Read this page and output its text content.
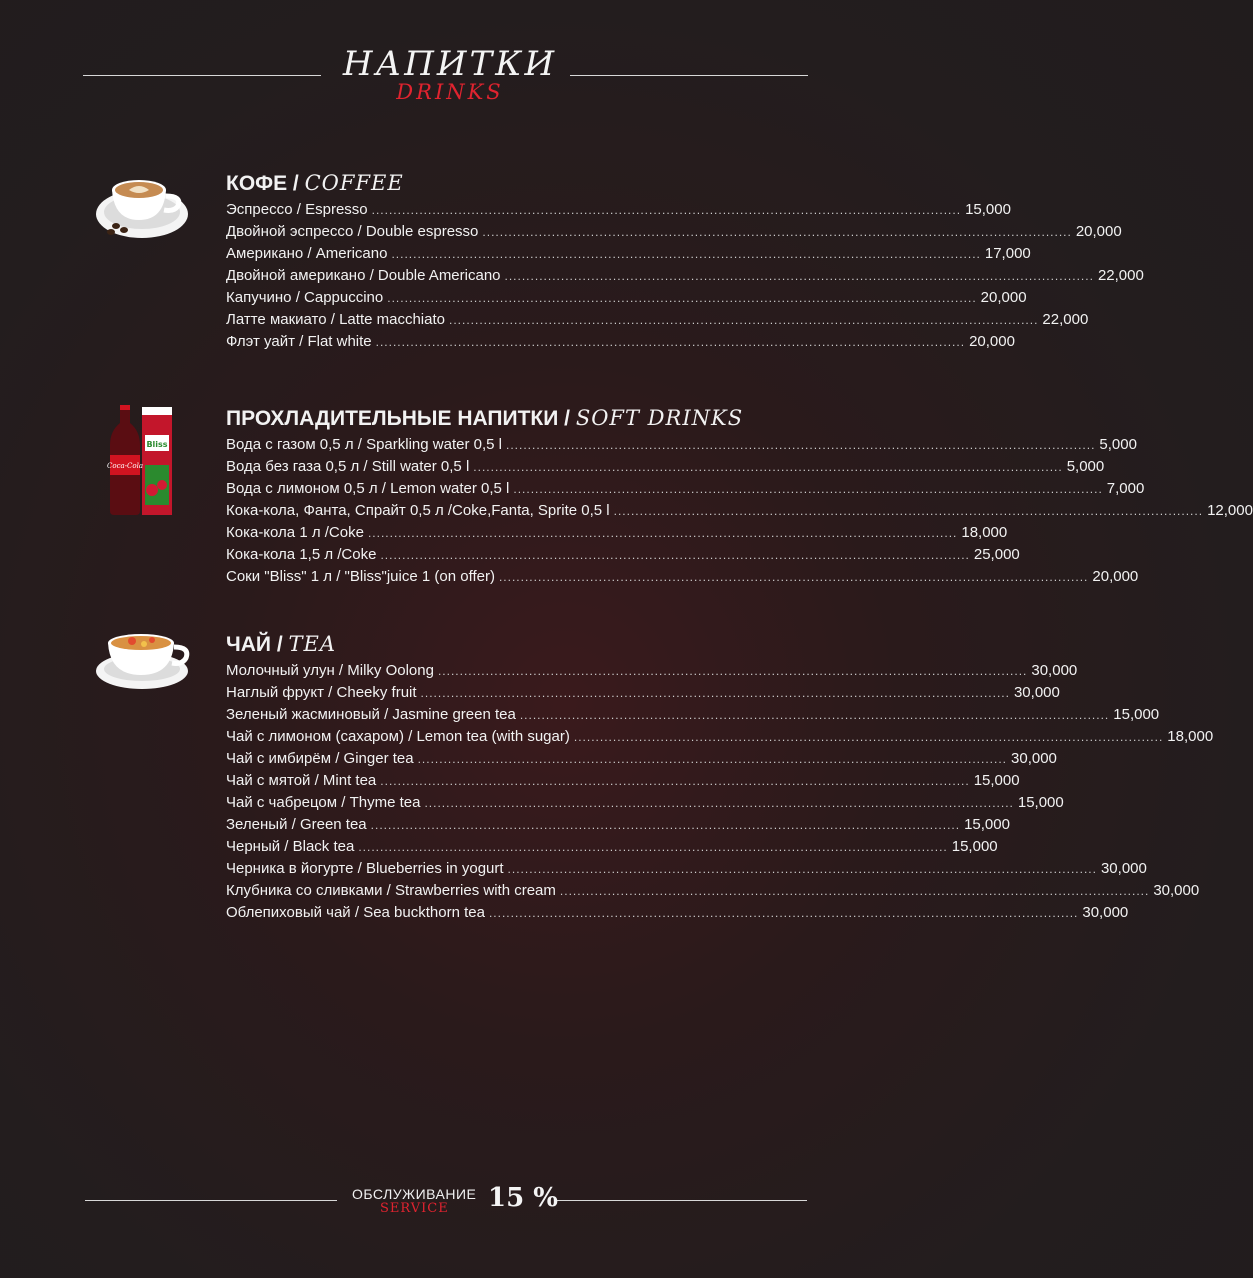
НАПИТКИ
DRINKS
Bliss
Coca-Cola
КОФЕ / COFFEE
Эспрессо / Espresso ........................................................................................................................................ 15,000
Двойной эспрессо / Double espresso ........................................................................................................................................ 20,000
Американо / Americano ........................................................................................................................................ 17,000
Двойной американо / Double Americano ........................................................................................................................................ 22,000
Капучино / Cappuccino ........................................................................................................................................ 20,000
Латте макиато / Latte macchiato ........................................................................................................................................ 22,000
Флэт уайт / Flat white ........................................................................................................................................ 20,000
ПРОХЛАДИТЕЛЬНЫЕ НАПИТКИ / SOFT DRINKS
Вода с газом 0,5 л / Sparkling water 0,5 l ........................................................................................................................................ 5,000
Вода без газа 0,5 л / Still water 0,5 l ........................................................................................................................................ 5,000
Вода с лимоном 0,5 л / Lemon water 0,5 l ........................................................................................................................................ 7,000
Кока-кола, Фанта, Спрайт 0,5 л /Coke,Fanta, Sprite 0,5 l ........................................................................................................................................ 12,000
Кока-кола 1 л /Coke ........................................................................................................................................ 18,000
Кока-кола 1,5 л /Coke ........................................................................................................................................ 25,000
Соки "Bliss" 1 л / "Bliss"juice 1 (on offer) ........................................................................................................................................ 20,000
ЧАЙ / TEA
Молочный улун / Milky Oolong ........................................................................................................................................ 30,000
Наглый фрукт / Cheeky fruit ........................................................................................................................................ 30,000
Зеленый жасминовый / Jasmine green tea ........................................................................................................................................ 15,000
Чай с лимоном (сахаром) / Lemon tea (with sugar) ........................................................................................................................................ 18,000
Чай с имбирём / Ginger tea ........................................................................................................................................ 30,000
Чай с мятой / Mint tea ........................................................................................................................................ 15,000
Чай с чабрецом / Thyme tea ........................................................................................................................................ 15,000
Зеленый / Green tea ........................................................................................................................................ 15,000
Черный / Black tea ........................................................................................................................................ 15,000
Черника в йогурте / Blueberries in yogurt ........................................................................................................................................ 30,000
Клубника со сливками / Strawberries with cream ........................................................................................................................................ 30,000
Облепиховый чай / Sea buckthorn tea ........................................................................................................................................ 30,000
ОБСЛУЖИВАНИЕ
SERVICE 15 %
